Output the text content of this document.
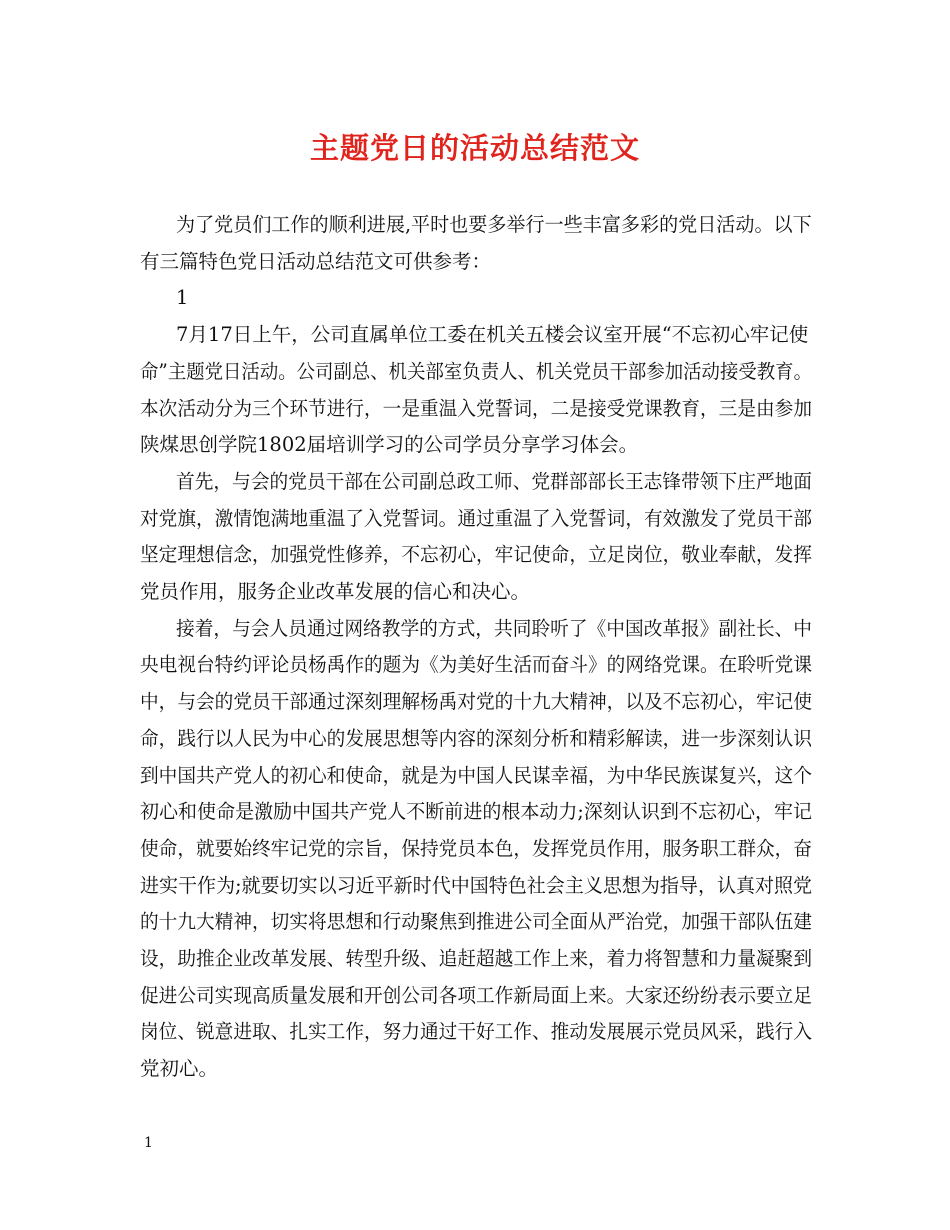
主题党日的活动总结范文
为了党员们工作的顺利进展,平时也要多举行一些丰富多彩的党日活动。以下
有三篇特色党日活动总结范文可供参考：
1
7月17日上午，公司直属单位工委在机关五楼会议室开展“不忘初心牢记使
命”主题党日活动。公司副总、机关部室负责人、机关党员干部参加活动接受教育。
本次活动分为三个环节进行，一是重温入党誓词，二是接受党课教育，三是由参加
陕煤思创学院1802届培训学习的公司学员分享学习体会。
首先，与会的党员干部在公司副总政工师、党群部部长王志锋带领下庄严地面
对党旗，激情饱满地重温了入党誓词。通过重温了入党誓词，有效激发了党员干部
坚定理想信念，加强党性修养，不忘初心，牢记使命，立足岗位，敬业奉献，发挥
党员作用，服务企业改革发展的信心和决心。
接着，与会人员通过网络教学的方式，共同聆听了《中国改革报》副社长、中
央电视台特约评论员杨禹作的题为《为美好生活而奋斗》的网络党课。在聆听党课
中，与会的党员干部通过深刻理解杨禹对党的十九大精神，以及不忘初心，牢记使
命，践行以人民为中心的发展思想等内容的深刻分析和精彩解读，进一步深刻认识
到中国共产党人的初心和使命，就是为中国人民谋幸福，为中华民族谋复兴，这个
初心和使命是激励中国共产党人不断前进的根本动力;深刻认识到不忘初心，牢记
使命，就要始终牢记党的宗旨，保持党员本色，发挥党员作用，服务职工群众，奋
进实干作为;就要切实以习近平新时代中国特色社会主义思想为指导，认真对照党
的十九大精神，切实将思想和行动聚焦到推进公司全面从严治党，加强干部队伍建
设，助推企业改革发展、转型升级、追赶超越工作上来，着力将智慧和力量凝聚到
促进公司实现高质量发展和开创公司各项工作新局面上来。大家还纷纷表示要立足
岗位、锐意进取、扎实工作，努力通过干好工作、推动发展展示党员风采，践行入
党初心。
1
